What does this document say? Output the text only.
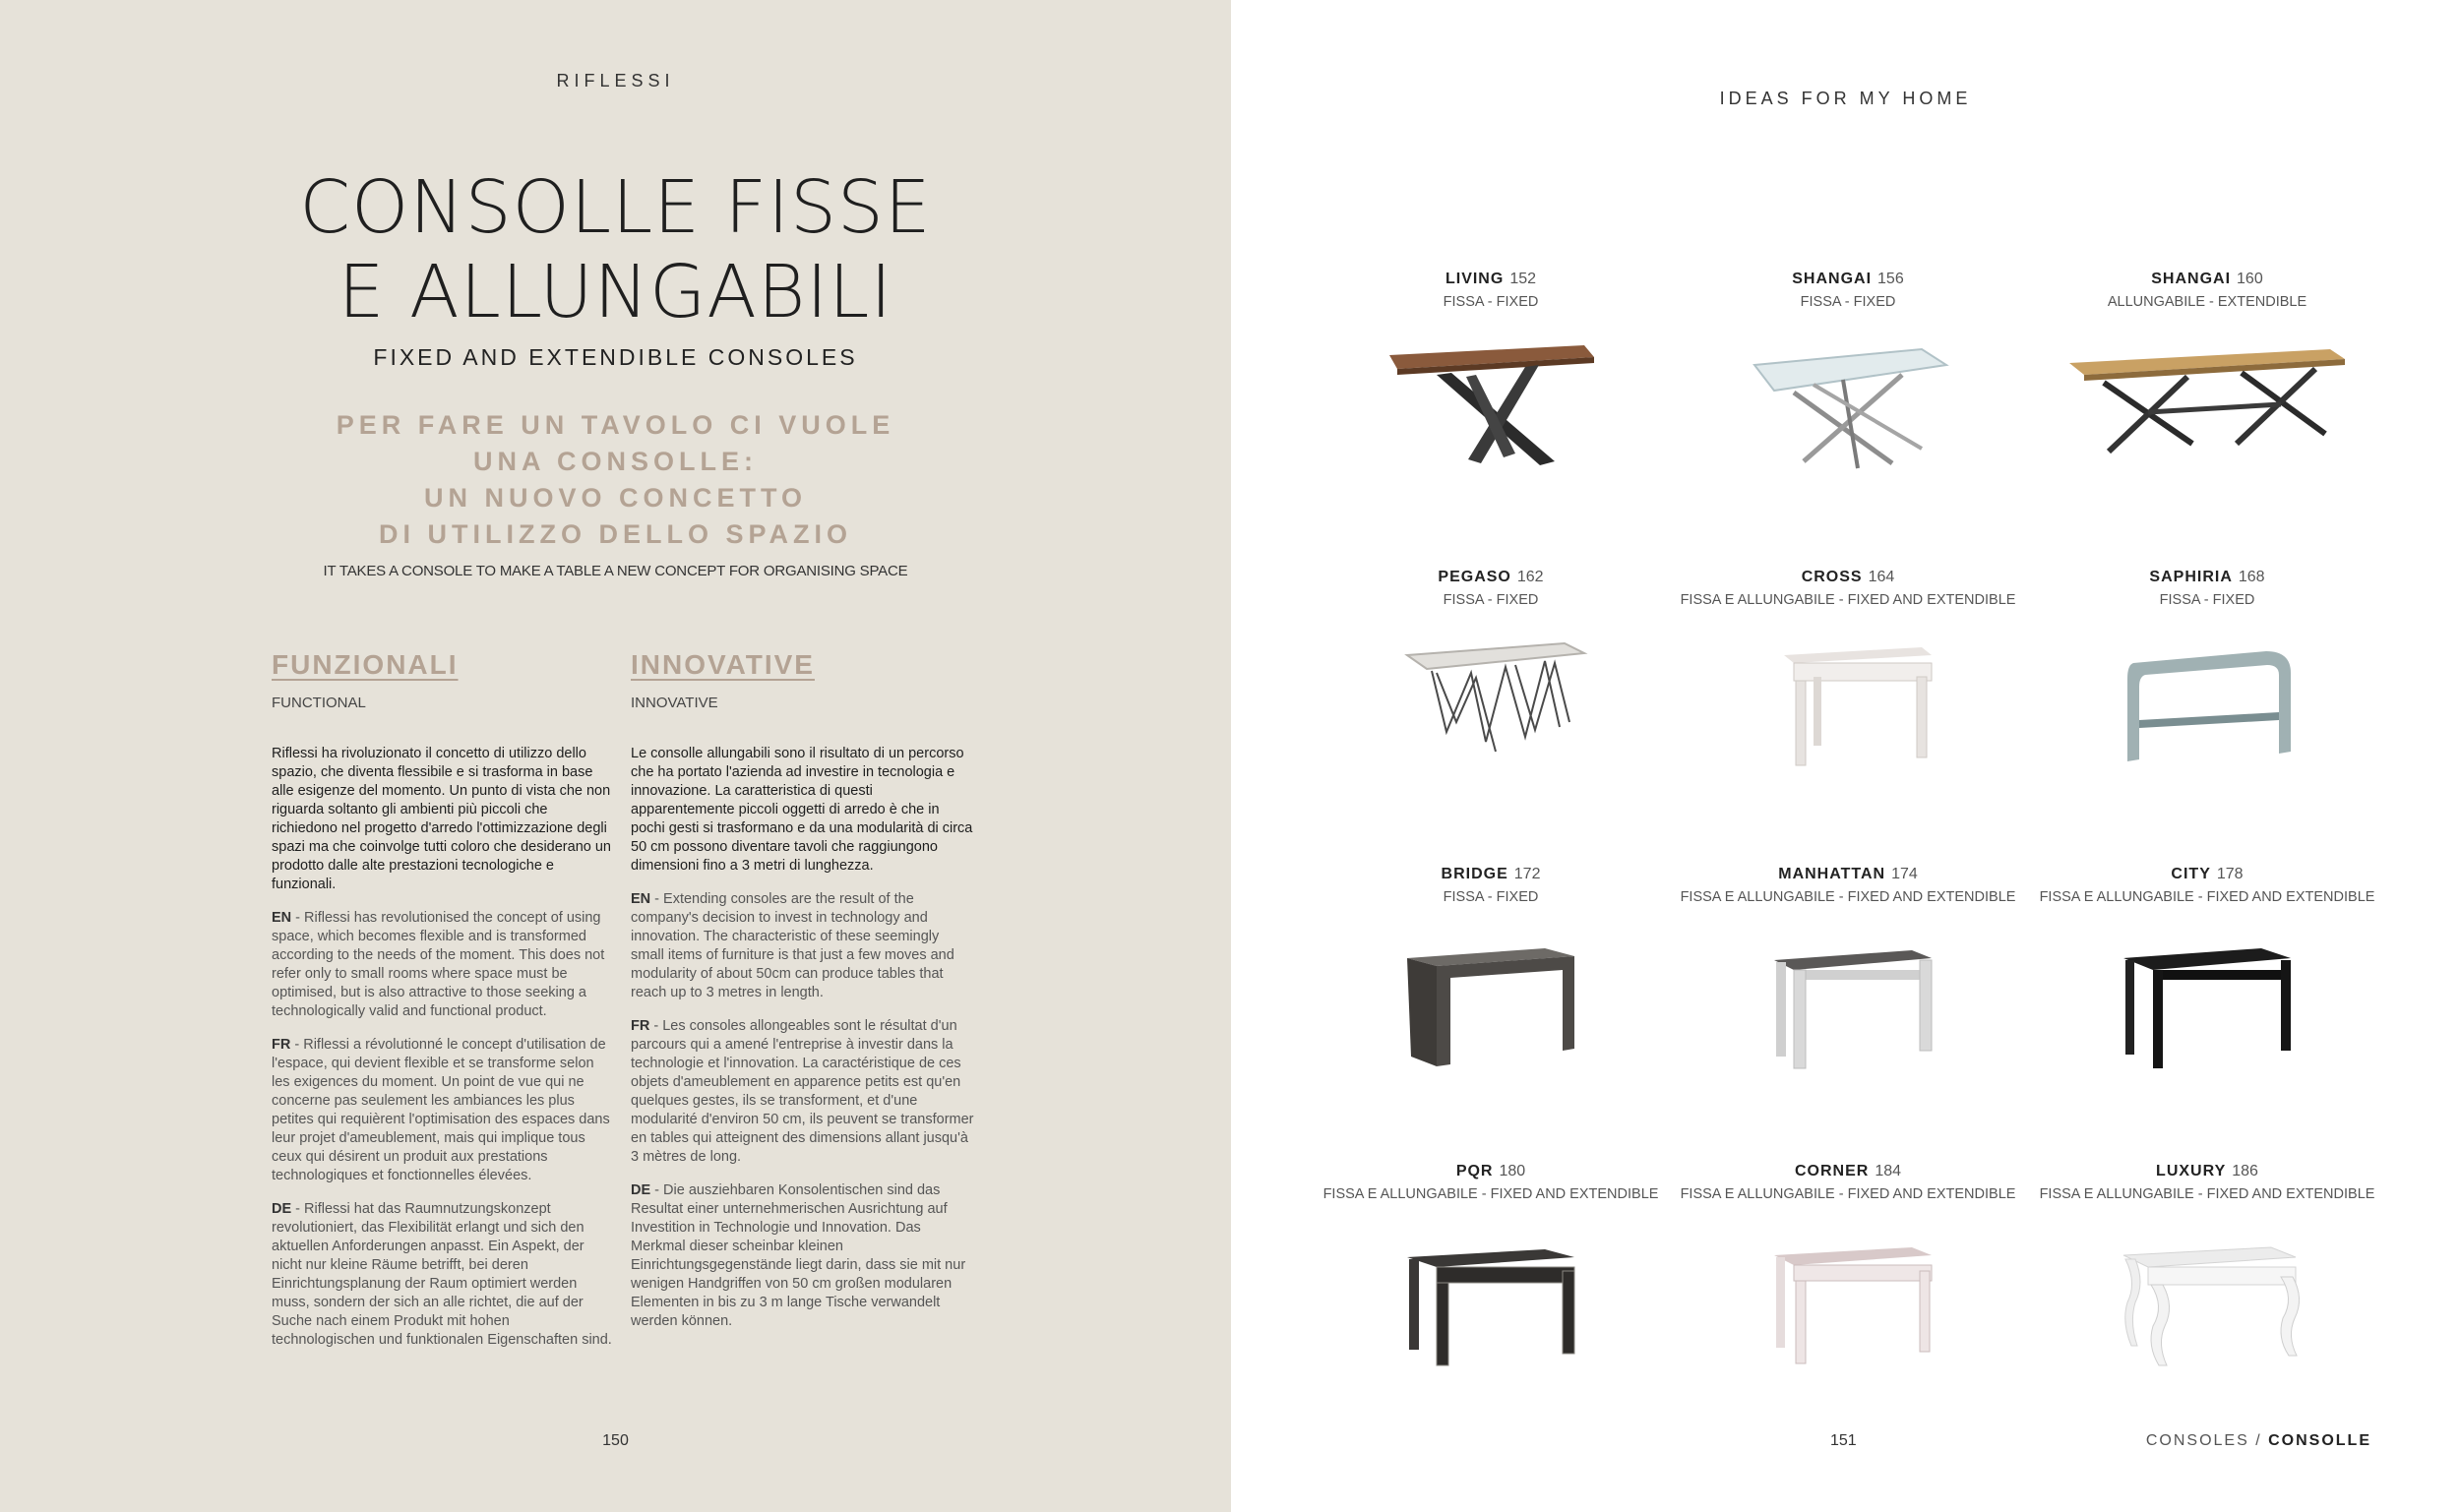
RIFLESSI
CONSOLLE FISSE
E ALLUNGABILI
FIXED AND EXTENDIBLE CONSOLES
PER FARE UN TAVOLO CI VUOLE
UNA CONSOLLE:
UN NUOVO CONCETTO
DI UTILIZZO DELLO SPAZIO
IT TAKES A CONSOLE TO MAKE A TABLE A NEW CONCEPT FOR ORGANISING SPACE
FUNZIONALI
FUNCTIONAL
Riflessi ha rivoluzionato il concetto di utilizzo dello spazio, che diventa flessibile e si trasforma in base alle esigenze del momento. Un punto di vista che non riguarda soltanto gli ambienti più piccoli che richiedono nel progetto d'arredo l'ottimizzazione degli spazi ma che coinvolge tutti coloro che desiderano un prodotto dalle alte prestazioni tecnologiche e funzionali.
EN - Riflessi has revolutionised the concept of using space, which becomes flexible and is transformed according to the needs of the moment. This does not refer only to small rooms where space must be optimised, but is also attractive to those seeking a technologically valid and functional product.
FR - Riflessi a révolutionné le concept d'utilisation de l'espace, qui devient flexible et se transforme selon les exigences du moment. Un point de vue qui ne concerne pas seulement les ambiances les plus petites qui requièrent l'optimisation des espaces dans leur projet d'ameublement, mais qui implique tous ceux qui désirent un produit aux prestations technologiques et fonctionnelles élevées.
DE - Riflessi hat das Raumnutzungskonzept revolutioniert, das Flexibilität erlangt und sich den aktuellen Anforderungen anpasst. Ein Aspekt, der nicht nur kleine Räume betrifft, bei deren Einrichtungsplanung der Raum optimiert werden muss, sondern der sich an alle richtet, die auf der Suche nach einem Produkt mit hohen technologischen und funktionalen Eigenschaften sind.
INNOVATIVE
INNOVATIVE
Le consolle allungabili sono il risultato di un percorso che ha portato l'azienda ad investire in tecnologia e innovazione. La caratteristica di questi apparentemente piccoli oggetti di arredo è che in pochi gesti si trasformano e da una modularità di circa 50 cm possono diventare tavoli che raggiungono dimensioni fino a 3 metri di lunghezza.
EN - Extending consoles are the result of the company's decision to invest in technology and innovation. The characteristic of these seemingly small items of furniture is that just a few moves and modularity of about 50cm can produce tables that reach up to 3 metres in length.
FR - Les consoles allongeables sont le résultat d'un parcours qui a amené l'entreprise à investir dans la technologie et l'innovation. La caractéristique de ces objets d'ameublement en apparence petits est qu'en quelques gestes, ils se transforment, et d'une modularité d'environ 50 cm, ils peuvent se transformer en tables qui atteignent des dimensions allant jusqu'à 3 mètres de long.
DE - Die ausziehbaren Konsolentischen sind das Resultat einer unternehmerischen Ausrichtung auf Investition in Technologie und Innovation. Das Merkmal dieser scheinbar kleinen Einrichtungsgegenstände liegt darin, dass sie mit nur wenigen Handgriffen von 50 cm großen modularen Elementen in bis zu 3 m lange Tische verwandelt werden können.
150
IDEAS FOR MY HOME
LIVING 152
FISSA - FIXED
SHANGAI 156
FISSA - FIXED
SHANGAI 160
ALLUNGABILE - EXTENDIBLE
PEGASO 162
FISSA - FIXED
CROSS 164
FISSA E ALLUNGABILE - FIXED AND EXTENDIBLE
SAPHIRIA 168
FISSA - FIXED
BRIDGE 172
FISSA - FIXED
MANHATTAN 174
FISSA E ALLUNGABILE - FIXED AND EXTENDIBLE
CITY 178
FISSA E ALLUNGABILE - FIXED AND EXTENDIBLE
PQR 180
FISSA E ALLUNGABILE - FIXED AND EXTENDIBLE
CORNER 184
FISSA E ALLUNGABILE - FIXED AND EXTENDIBLE
LUXURY 186
FISSA E ALLUNGABILE - FIXED AND EXTENDIBLE
151	CONSOLES / CONSOLLE
